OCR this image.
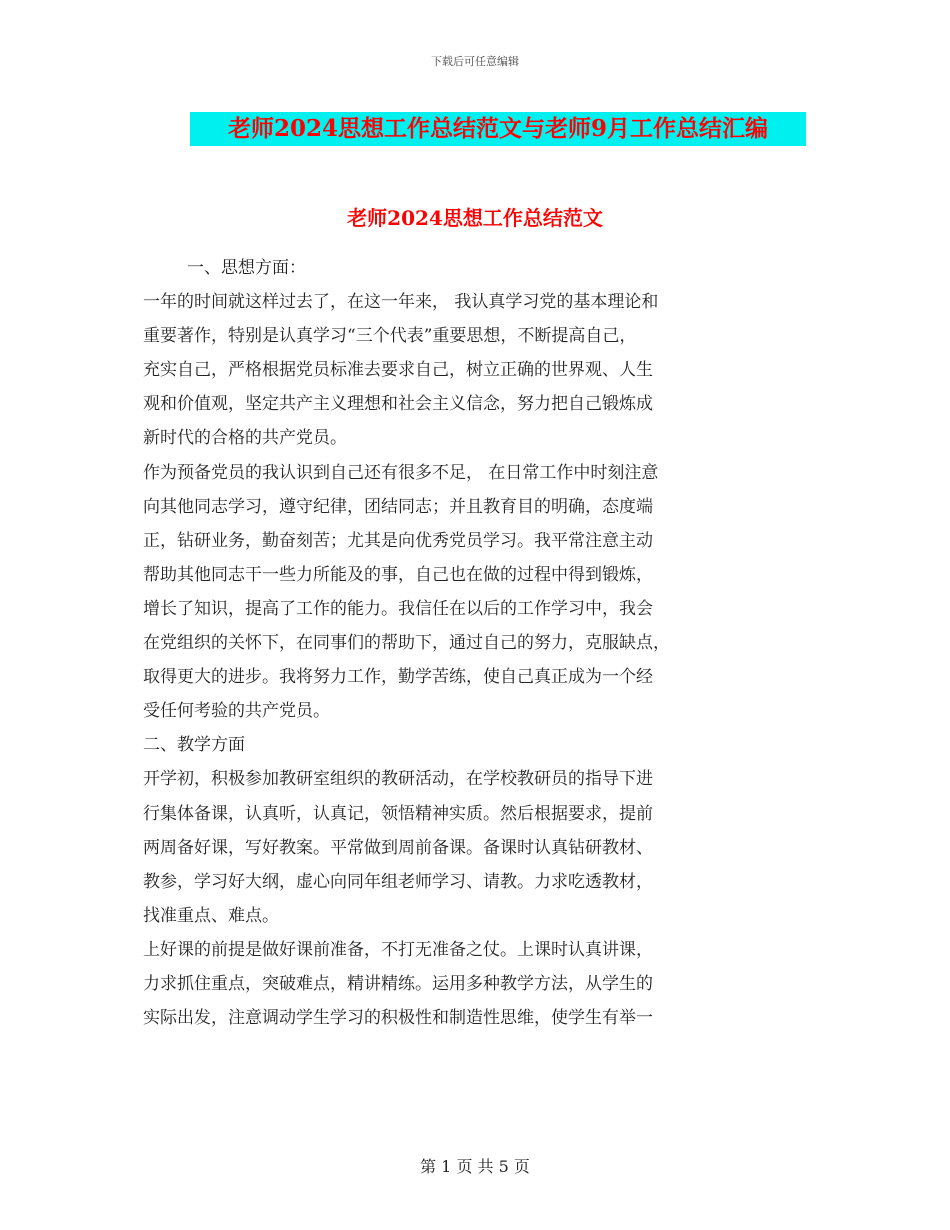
下载后可任意编辑
老师2024思想工作总结范文与老师9月工作总结汇编
老师2024思想工作总结范文
一、思想方面：
一年的时间就这样过去了，在这一年来， 我认真学习党的基本理论和
重要著作，特别是认真学习“三个代表”重要思想，不断提高自己，
充实自己，严格根据党员标准去要求自己，树立正确的世界观、人生
观和价值观，坚定共产主义理想和社会主义信念，努力把自己锻炼成
新时代的合格的共产党员。
作为预备党员的我认识到自己还有很多不足， 在日常工作中时刻注意
向其他同志学习，遵守纪律，团结同志；并且教育目的明确，态度端
正，钻研业务，勤奋刻苦；尤其是向优秀党员学习。我平常注意主动
帮助其他同志干一些力所能及的事，自己也在做的过程中得到锻炼，
增长了知识，提高了工作的能力。我信任在以后的工作学习中，我会
在党组织的关怀下，在同事们的帮助下，通过自己的努力，克服缺点，
取得更大的进步。我将努力工作，勤学苦练，使自己真正成为一个经
受任何考验的共产党员。
二、教学方面
开学初，积极参加教研室组织的教研活动，在学校教研员的指导下进
行集体备课，认真听，认真记，领悟精神实质。然后根据要求，提前
两周备好课，写好教案。平常做到周前备课。备课时认真钻研教材、
教参，学习好大纲，虚心向同年组老师学习、请教。力求吃透教材，
找准重点、难点。
上好课的前提是做好课前准备，不打无准备之仗。上课时认真讲课，
力求抓住重点，突破难点，精讲精练。运用多种教学方法，从学生的
实际出发，注意调动学生学习的积极性和制造性思维，使学生有举一
第 1 页 共 5 页
